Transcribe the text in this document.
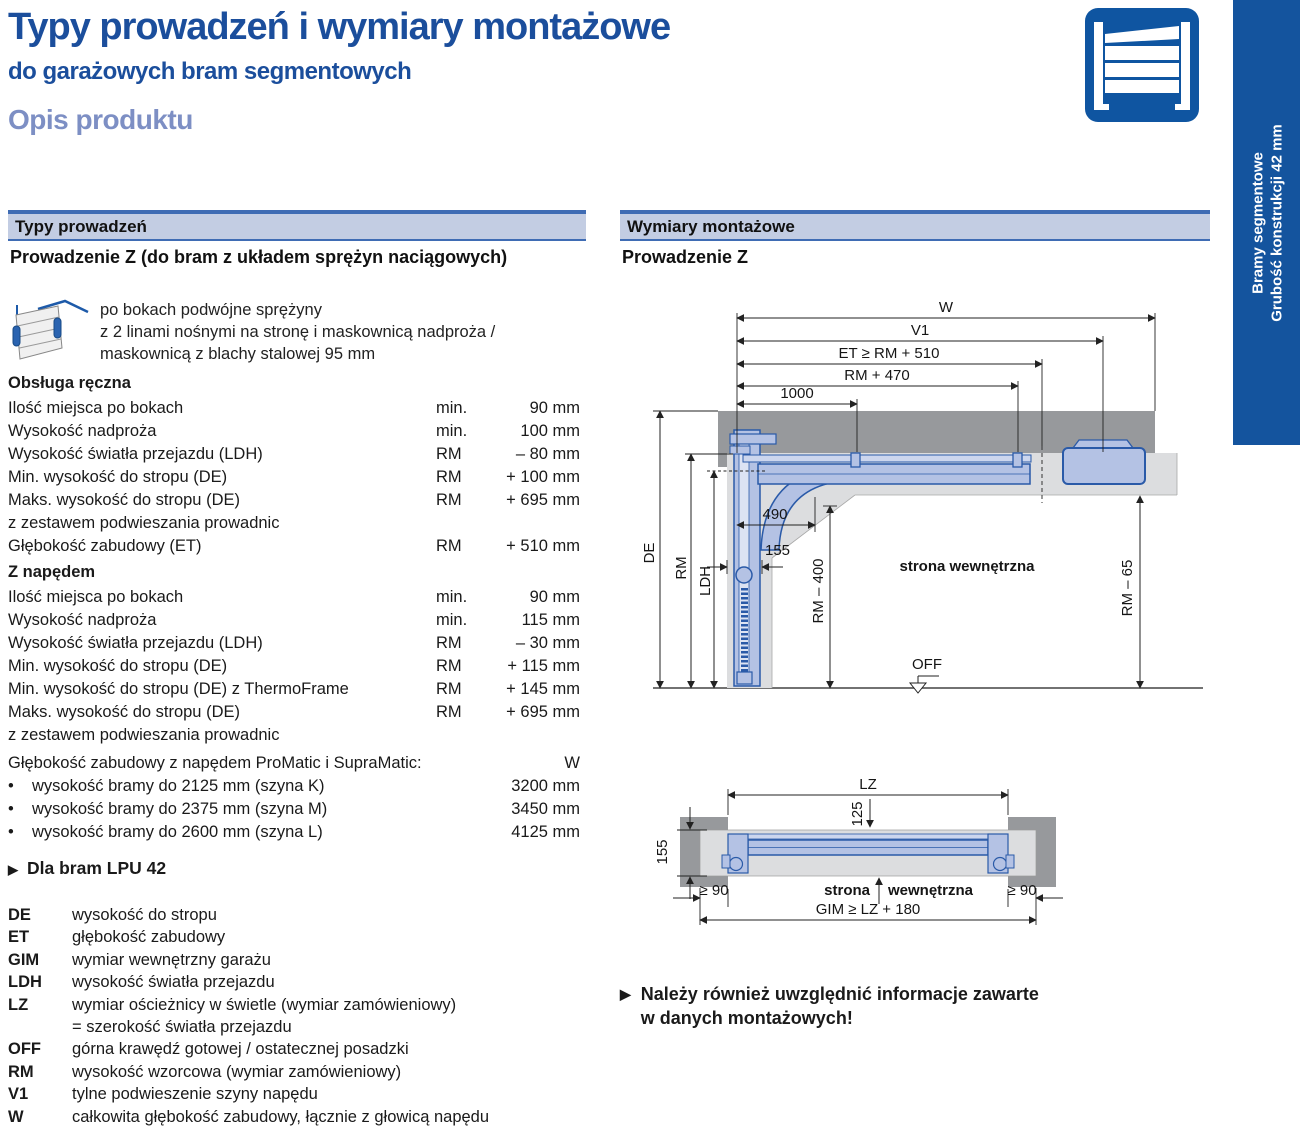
Typy prowadzeń i wymiary montażowe
do garażowych bram segmentowych
Opis produktu
Bramy segmentowe Grubość konstrukcji 42 mm
Typy prowadzeń
Prowadzenie Z (do bram z układem sprężyn naciągowych)
po bokach podwójne sprężyny
z 2 linami nośnymi na stronę i maskownicą nadproża /
maskownicą z blachy stalowej 95 mm
Obsługa ręczna
Ilość miejsca po bokach	min.	90 mm
Wysokość nadproża	min.	100 mm
Wysokość światła przejazdu (LDH)	RM	– 80 mm
Min. wysokość do stropu (DE)	RM	+ 100 mm
Maks. wysokość do stropu (DE)	RM	+ 695 mm
z zestawem podwieszania prowadnic
Głębokość zabudowy (ET)	RM	+ 510 mm
Z napędem
Ilość miejsca po bokach	min.	90 mm
Wysokość nadproża	min.	115 mm
Wysokość światła przejazdu (LDH)	RM	– 30 mm
Min. wysokość do stropu (DE)	RM	+ 115 mm
Min. wysokość do stropu (DE) z ThermoFrame	RM	+ 145 mm
Maks. wysokość do stropu (DE)	RM	+ 695 mm
z zestawem podwieszania prowadnic
Głębokość zabudowy z napędem ProMatic i SupraMatic:	W
•	wysokość bramy do 2125 mm (szyna K)	3200 mm
•	wysokość bramy do 2375 mm (szyna M)	3450 mm
•	wysokość bramy do 2600 mm (szyna L)	4125 mm
▶ Dla bram LPU 42
DE	wysokość do stropu
ET	głębokość zabudowy
GIM	wymiar wewnętrzny garażu
LDH	wysokość światła przejazdu
LZ	wymiar ościeżnicy w świetle (wymiar zamówieniowy)
= szerokość światła przejazdu
OFF	górna krawędź gotowej / ostatecznej posadzki
RM	wysokość wzorcowa (wymiar zamówieniowy)
V1	tylne podwieszenie szyny napędu
W	całkowita głębokość zabudowy, łącznie z głowicą napędu
Wymiary montażowe
Prowadzenie Z
W
V1
ET ≥ RM + 510
RM + 470
1000
490
155
DE
RM LDH	RM – 400	RM – 65
strona wewnętrzna
OFF
LZ
125
155
strona wewnętrzna
≥ 90	≥ 90
GIM ≥ LZ + 180
▶ Należy również uwzględnić informacje zawarte
w danych montażowych!
